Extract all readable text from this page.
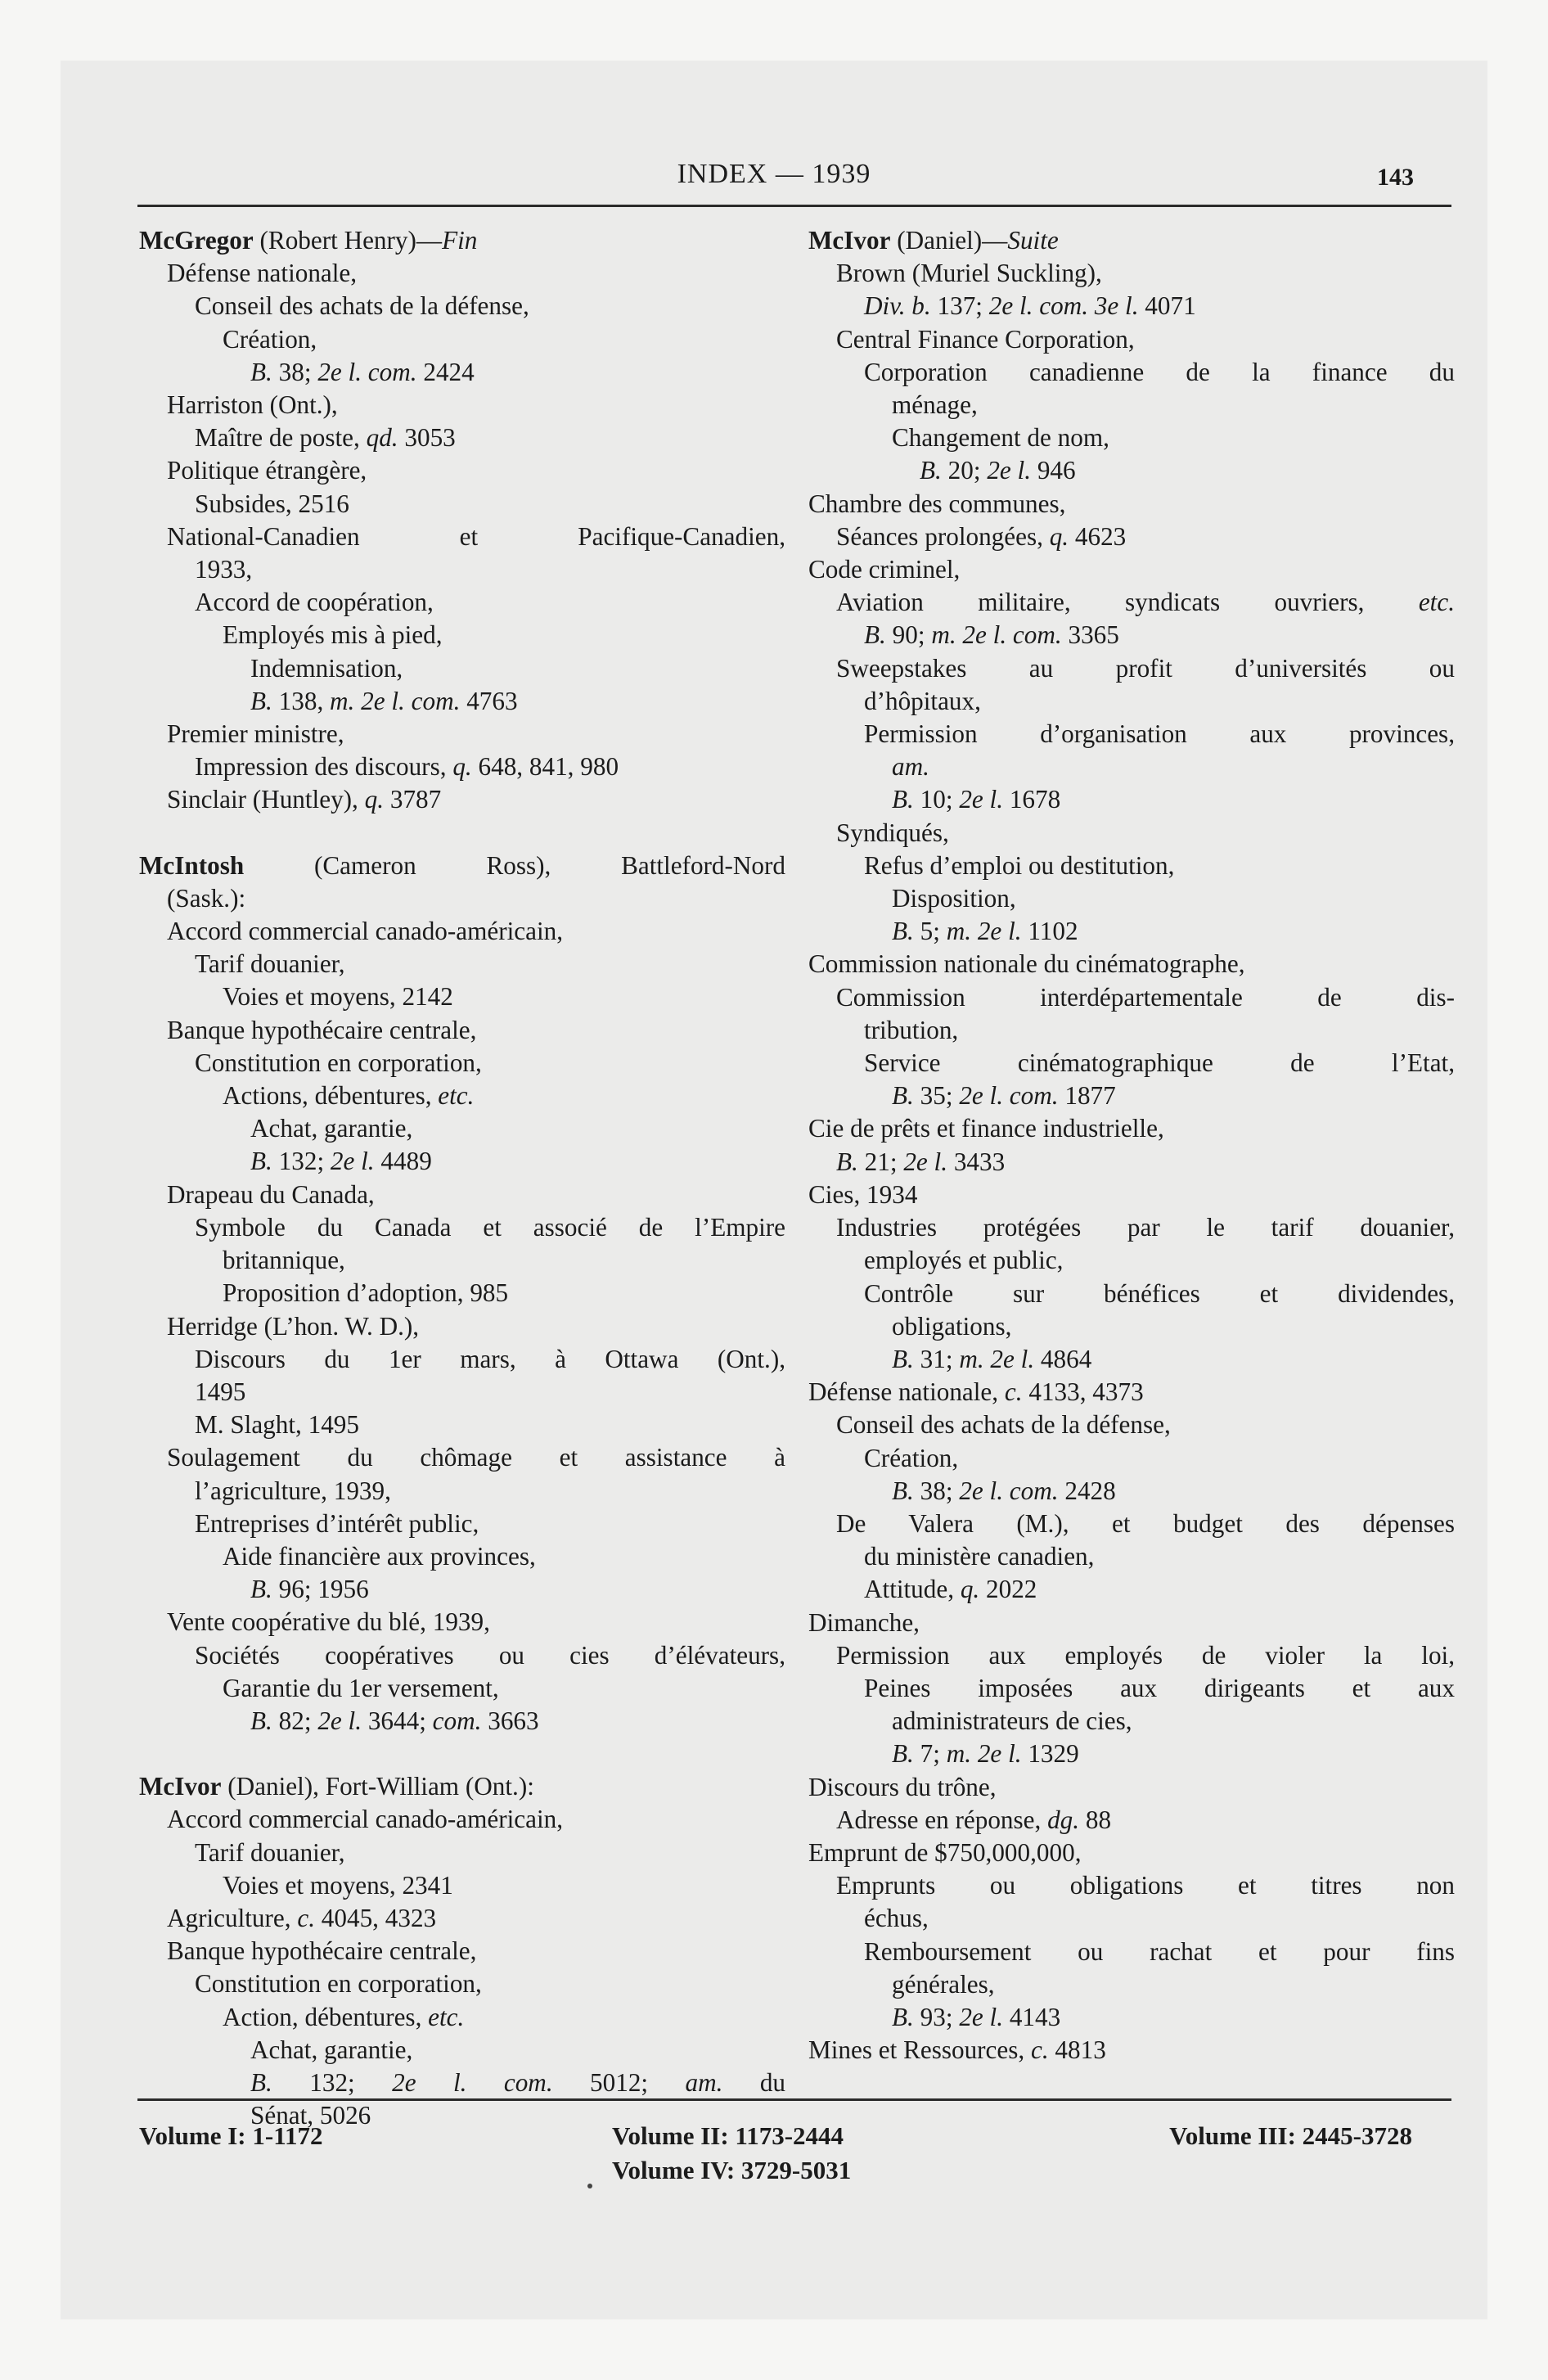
INDEX — 1939	143
McGregor (Robert Henry)—Fin
Défense nationale,
Conseil des achats de la défense,
Création,
B. 38; 2e l. com. 2424
Harriston (Ont.),
Maître de poste, qd. 3053
Politique étrangère,
Subsides, 2516
National-Canadien et Pacifique-Canadien,
1933,
Accord de coopération,
Employés mis à pied,
Indemnisation,
B. 138, m. 2e l. com. 4763
Premier ministre,
Impression des discours, q. 648, 841, 980
Sinclair (Huntley), q. 3787
McIntosh (Cameron Ross), Battleford-Nord
(Sask.):
Accord commercial canado-américain,
Tarif douanier,
Voies et moyens, 2142
Banque hypothécaire centrale,
Constitution en corporation,
Actions, débentures, etc.
Achat, garantie,
B. 132; 2e l. 4489
Drapeau du Canada,
Symbole du Canada et associé de l’Empire
britannique,
Proposition d’adoption, 985
Herridge (L’hon. W. D.),
Discours du 1er mars, à Ottawa (Ont.),
1495
M. Slaght, 1495
Soulagement du chômage et assistance à
l’agriculture, 1939,
Entreprises d’intérêt public,
Aide financière aux provinces,
B. 96; 1956
Vente coopérative du blé, 1939,
Sociétés coopératives ou cies d’élévateurs,
Garantie du 1er versement,
B. 82; 2e l. 3644; com. 3663
McIvor (Daniel), Fort-William (Ont.):
Accord commercial canado-américain,
Tarif douanier,
Voies et moyens, 2341
Agriculture, c. 4045, 4323
Banque hypothécaire centrale,
Constitution en corporation,
Action, débentures, etc.
Achat, garantie,
B. 132; 2e l. com. 5012; am. du
Sénat, 5026
McIvor (Daniel)—Suite
Brown (Muriel Suckling),
Div. b. 137; 2e l. com. 3e l. 4071
Central Finance Corporation,
Corporation canadienne de la finance du
ménage,
Changement de nom,
B. 20; 2e l. 946
Chambre des communes,
Séances prolongées, q. 4623
Code criminel,
Aviation militaire, syndicats ouvriers, etc.
B. 90; m. 2e l. com. 3365
Sweepstakes au profit d’universités ou
d’hôpitaux,
Permission d’organisation aux provinces,
am.
B. 10; 2e l. 1678
Syndiqués,
Refus d’emploi ou destitution,
Disposition,
B. 5; m. 2e l. 1102
Commission nationale du cinématographe,
Commission interdépartementale de dis-
tribution,
Service cinématographique de l’Etat,
B. 35; 2e l. com. 1877
Cie de prêts et finance industrielle,
B. 21; 2e l. 3433
Cies, 1934
Industries protégées par le tarif douanier,
employés et public,
Contrôle sur bénéfices et dividendes,
obligations,
B. 31; m. 2e l. 4864
Défense nationale, c. 4133, 4373
Conseil des achats de la défense,
Création,
B. 38; 2e l. com. 2428
De Valera (M.), et budget des dépenses
du ministère canadien,
Attitude, q. 2022
Dimanche,
Permission aux employés de violer la loi,
Peines imposées aux dirigeants et aux
administrateurs de cies,
B. 7; m. 2e l. 1329
Discours du trône,
Adresse en réponse, dg. 88
Emprunt de $750,000,000,
Emprunts ou obligations et titres non
échus,
Remboursement ou rachat et pour fins
générales,
B. 93; 2e l. 4143
Mines et Ressources, c. 4813
Volume I: 1-1172	Volume II: 1173-2444
Volume IV: 3729-5031
Volume III: 2445-3728
